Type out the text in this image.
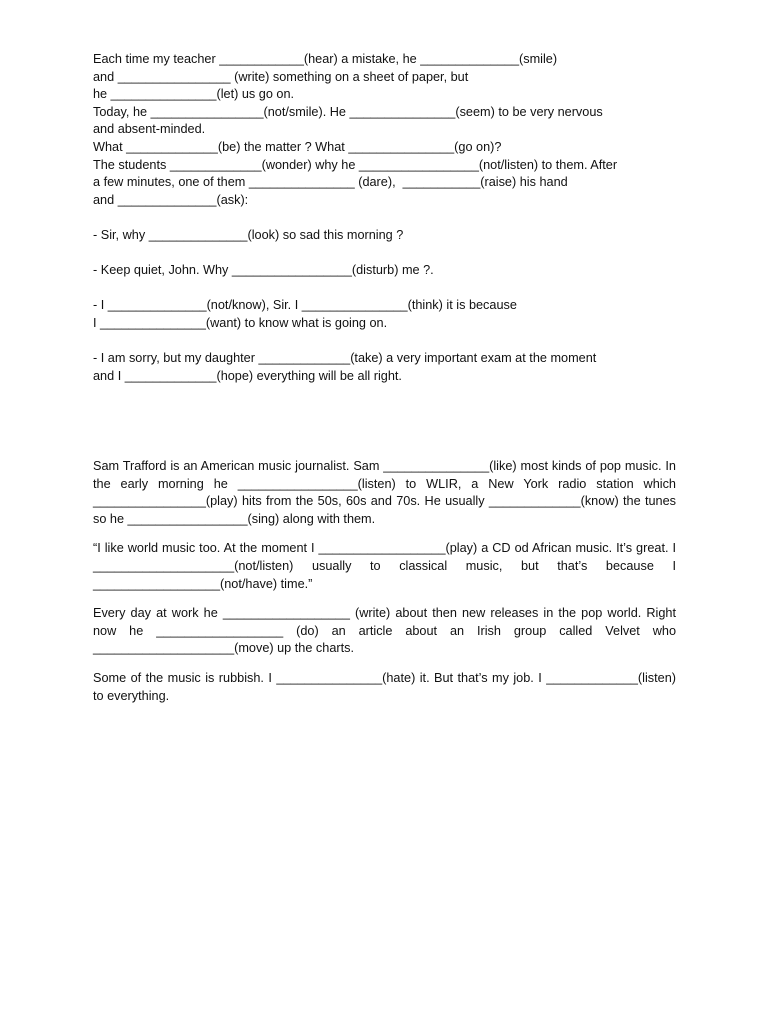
Each time my teacher ____________(hear) a mistake, he ______________(smile)
and ________________ (write) something on a sheet of paper, but
he _______________(let) us go on.
Today, he ________________(not/smile). He _______________(seem) to be very nervous
and absent-minded.
What _____________(be) the matter ? What _______________(go on)?
The students _____________(wonder) why he _________________(not/listen) to them. After
a few minutes, one of them _______________ (dare),  ___________(raise) his hand
and ______________(ask):
- Sir, why ______________(look) so sad this morning ?
- Keep quiet, John. Why _________________(disturb) me ?.
- I ______________(not/know), Sir. I _______________(think) it is because
I _______________(want) to know what is going on.
- I am sorry, but my daughter _____________(take) a very important exam at the moment
and I _____________(hope) everything will be all right.

Sam Trafford is an American music journalist. Sam _______________(like) most kinds of pop music. In the early morning he _________________(listen) to WLIR, a New York radio station which ________________(play) hits from the 50s, 60s and 70s. He usually _____________(know) the tunes so he _________________(sing) along with them.

“I like world music too. At the moment I __________________(play) a CD od African music. It’s great. I ____________________(not/listen) usually to classical music, but that’s because I __________________(not/have) time.”

Every day at work he __________________ (write) about then new releases in the pop world. Right now he __________________ (do) an article about an Irish group called Velvet who ____________________(move) up the charts.

Some of the music is rubbish. I _______________(hate) it. But that’s my job. I _____________(listen) to everything.
